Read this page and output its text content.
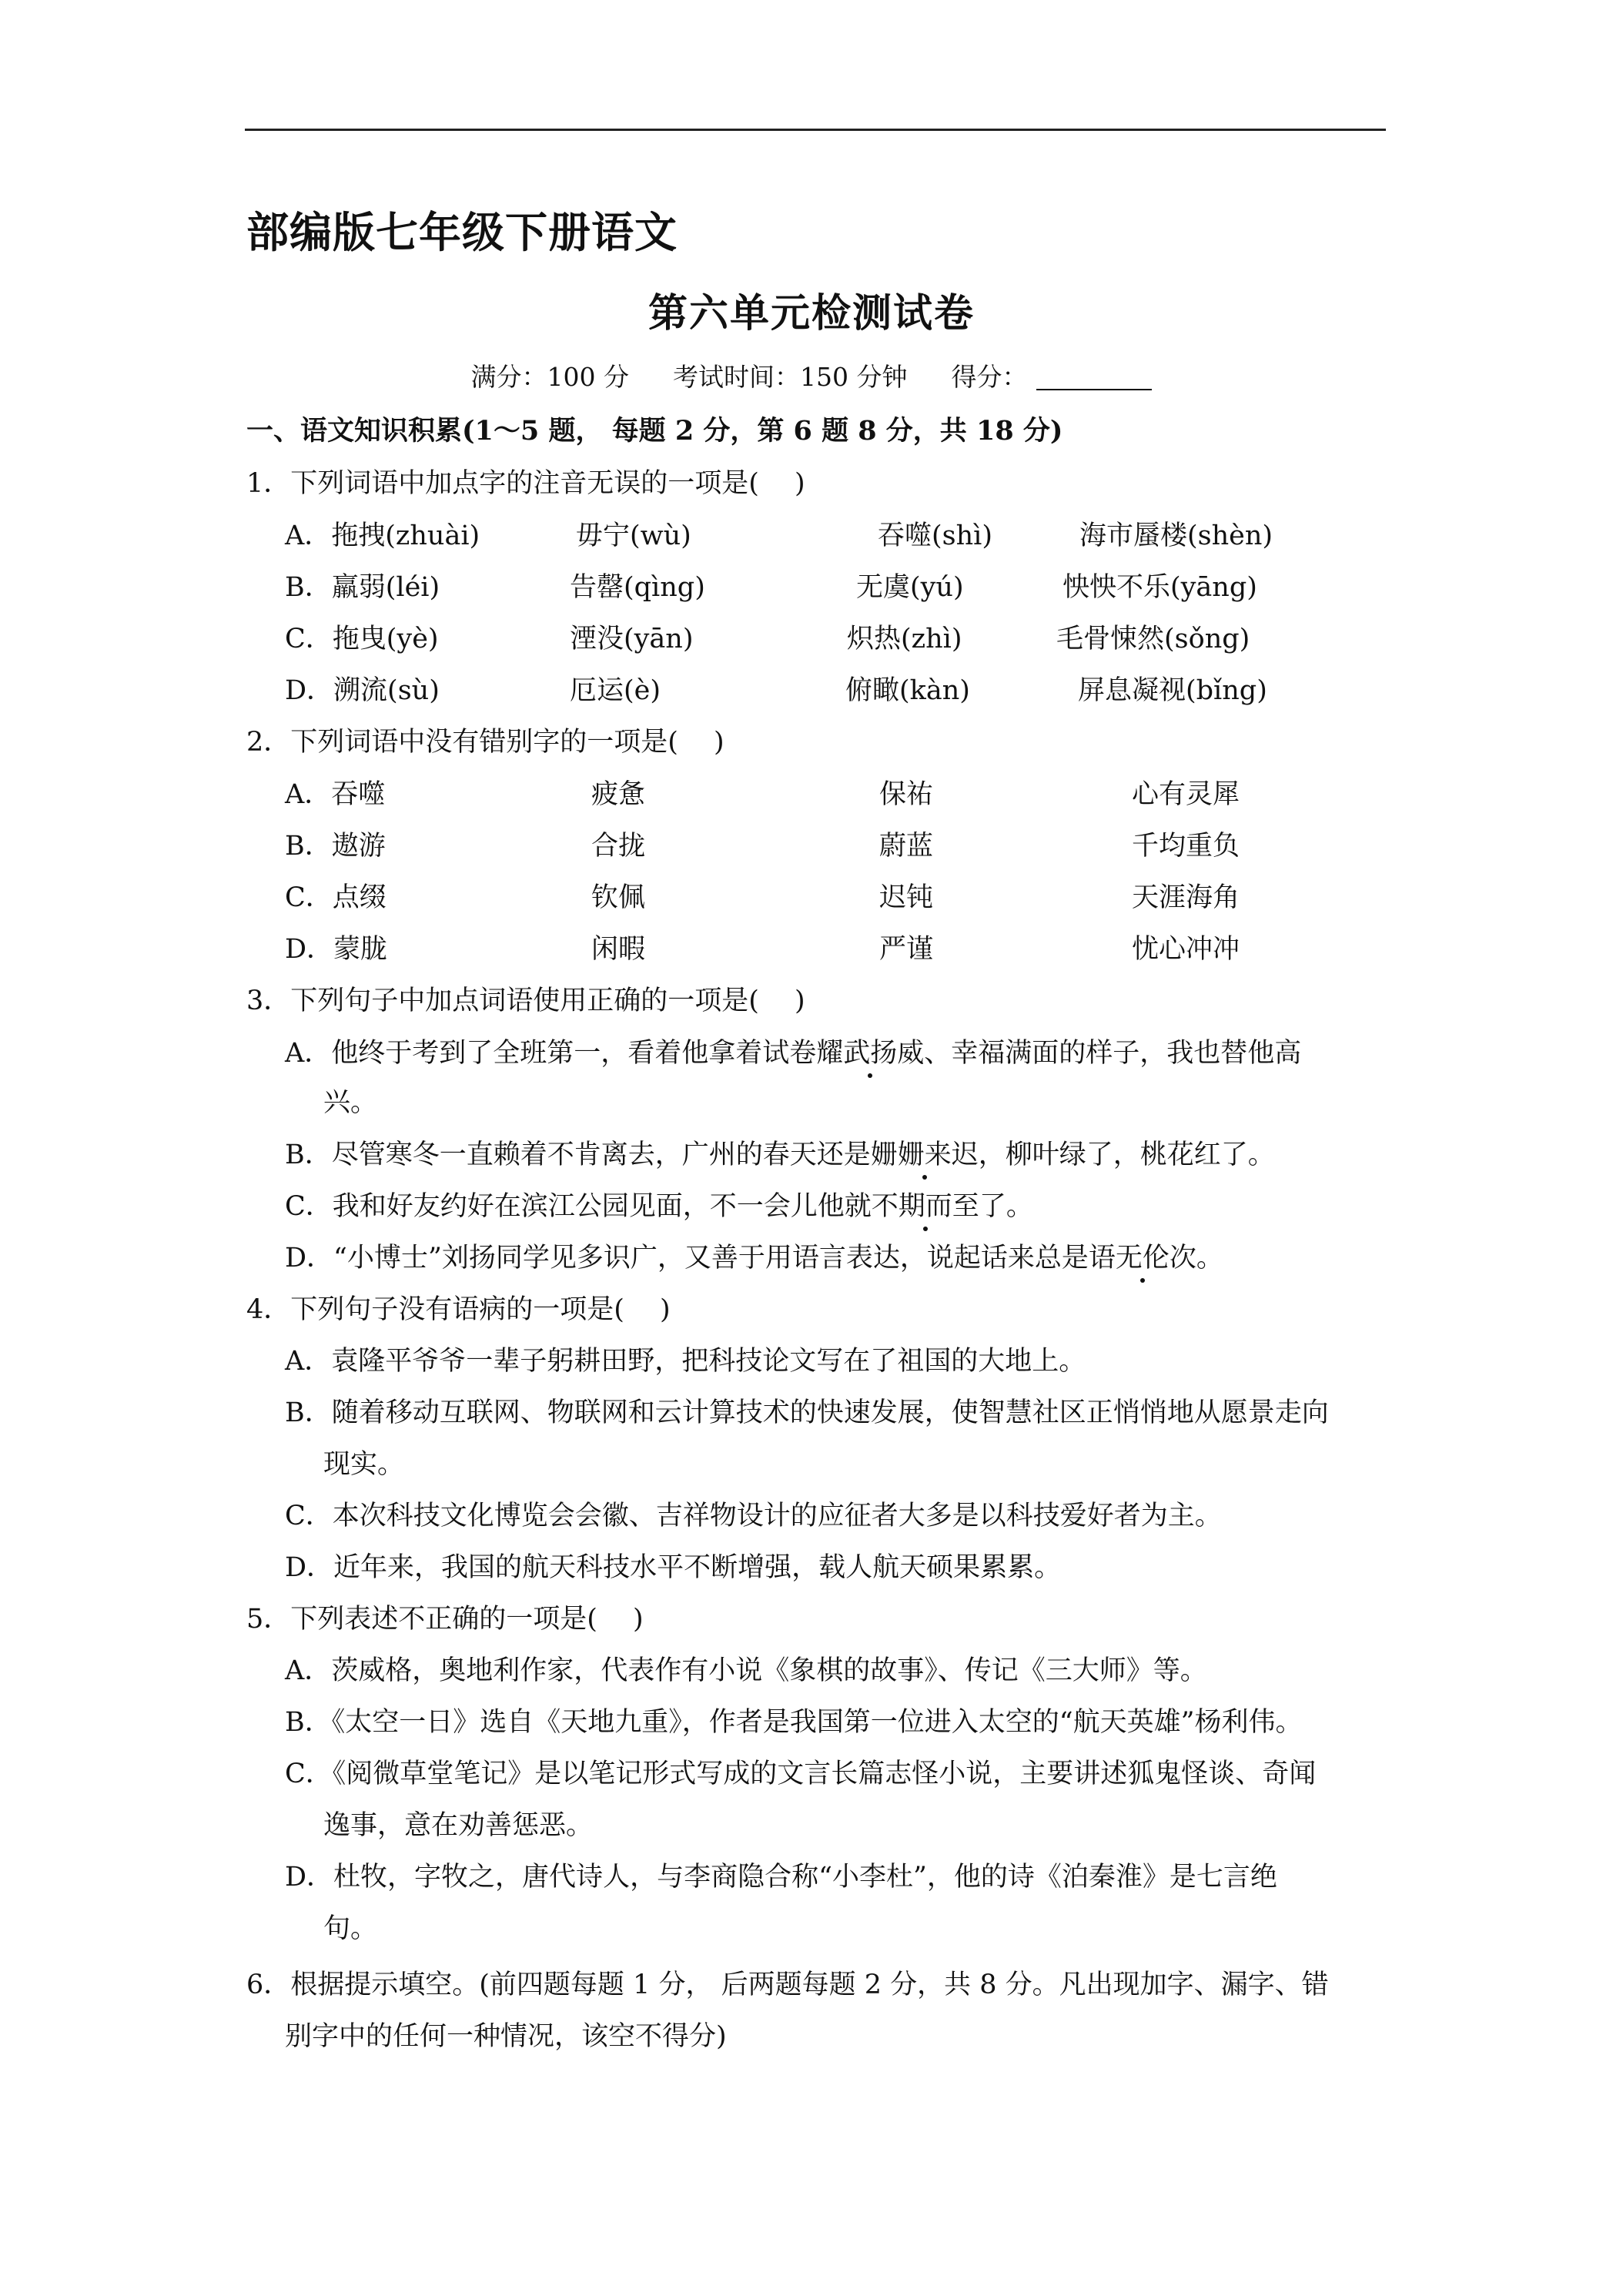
部编版七年级下册语文
第六单元检测试卷
满分：100 分 考试时间：150 分钟 得分：
一、语文知识积累(1～5 题， 每题 2 分，第 6 题 8 分，共 18 分)
1．下列词语中加点字的注音无误的一项是( )
A．拖拽(zhuài)	毋宁(wù)	吞噬(shì)	海市蜃楼(shèn)
B．羸弱(léi)	告罄(qìng)	无虞(yú)	怏怏不乐(yāng)
C．拖曳(yè)	湮没(yān)	炽热(zhì)	毛骨悚然(sǒng)
D．溯流(sù)	厄运(è)	俯瞰(kàn)	屏息凝视(bǐng)
2．下列词语中没有错别字的一项是( )
A．吞噬	疲惫	保祐	心有灵犀
B．遨游	合拢	蔚蓝	千均重负
C．点缀	钦佩	迟钝	天涯海角
D．蒙胧	闲暇	严谨	忧心冲冲
3．下列句子中加点词语使用正确的一项是( )
A．他终于考到了全班第一，看着他拿着试卷耀武扬威、幸福满面的样子，我也替他高
兴。
B．尽管寒冬一直赖着不肯离去，广州的春天还是姗姗来迟，柳叶绿了，桃花红了。
C．我和好友约好在滨江公园见面，不一会儿他就不期而至了。
D．“小博士”刘扬同学见多识广，又善于用语言表达，说起话来总是语无伦次。
4．下列句子没有语病的一项是( )
A．袁隆平爷爷一辈子躬耕田野，把科技论文写在了祖国的大地上。
B．随着移动互联网、物联网和云计算技术的快速发展，使智慧社区正悄悄地从愿景走向
现实。
C．本次科技文化博览会会徽、吉祥物设计的应征者大多是以科技爱好者为主。
D．近年来，我国的航天科技水平不断增强，载人航天硕果累累。
5．下列表述不正确的一项是( )
A．茨威格，奥地利作家，代表作有小说《象棋的故事》、传记《三大师》等。
B．《太空一日》选自《天地九重》，作者是我国第一位进入太空的“航天英雄”杨利伟。
C．《阅微草堂笔记》是以笔记形式写成的文言长篇志怪小说，主要讲述狐鬼怪谈、奇闻
逸事，意在劝善惩恶。
D．杜牧，字牧之，唐代诗人，与李商隐合称“小李杜”，他的诗《泊秦淮》是七言绝
句。
6．根据提示填空。(前四题每题 1 分， 后两题每题 2 分，共 8 分。凡出现加字、漏字、错
别字中的任何一种情况，该空不得分)
